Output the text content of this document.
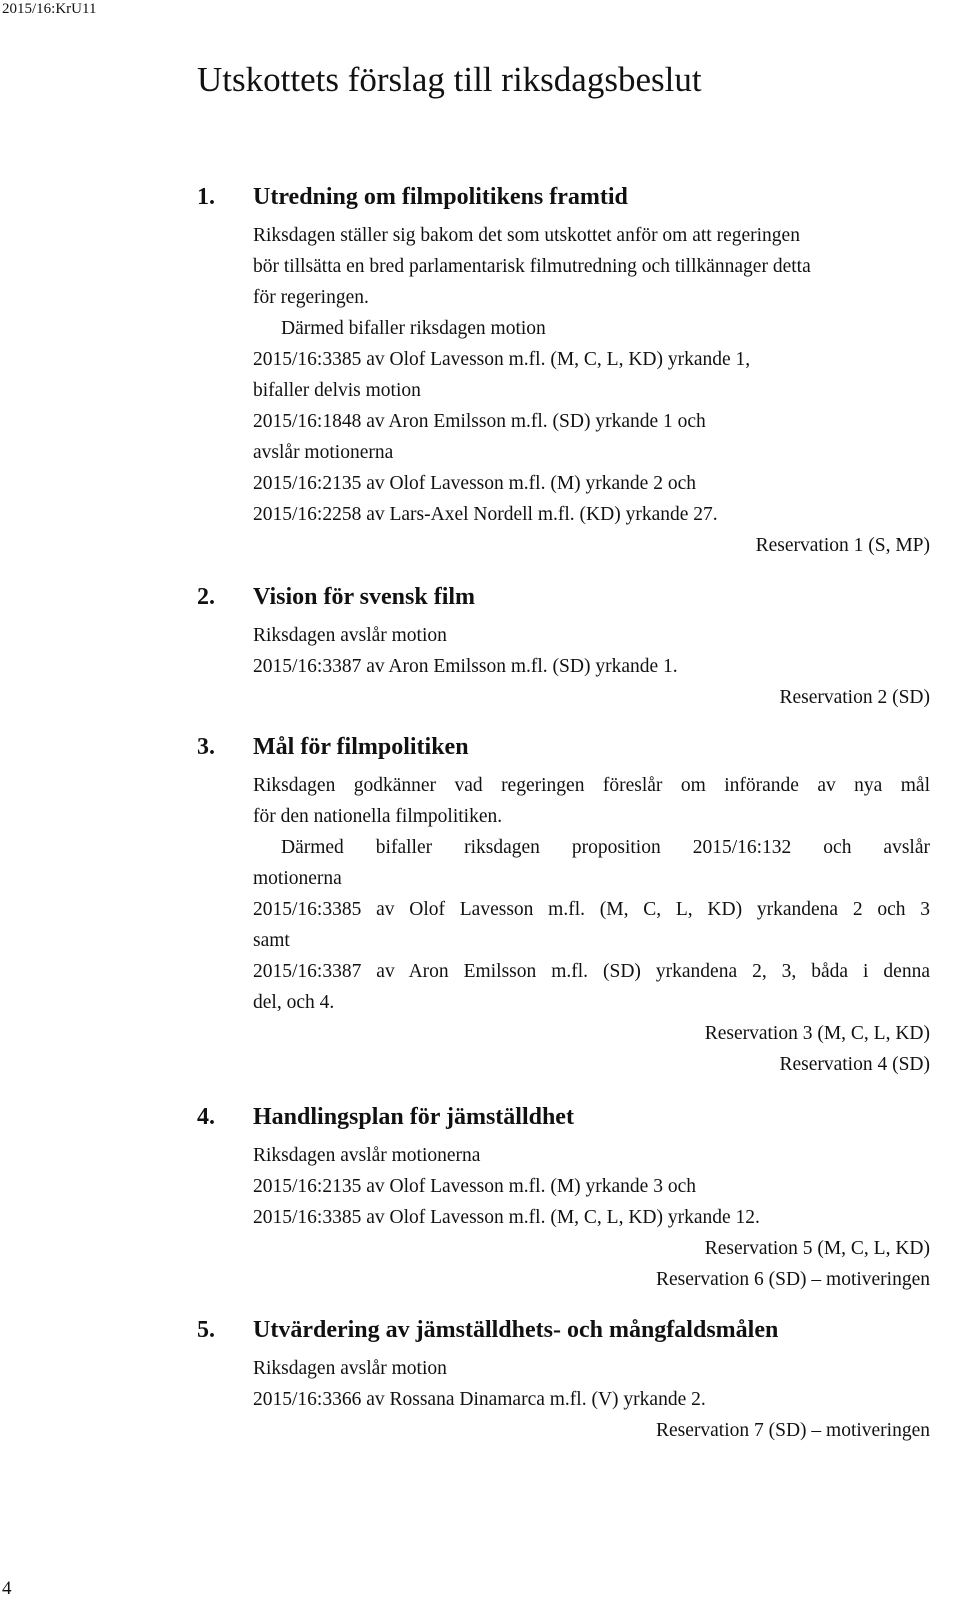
2015/16:KrU11
Utskottets förslag till riksdagsbeslut
1.	Utredning om filmpolitikens framtid
Riksdagen ställer sig bakom det som utskottet anför om att regeringen
bör tillsätta en bred parlamentarisk filmutredning och tillkännager detta
för regeringen.
Därmed bifaller riksdagen motion
2015/16:3385 av Olof Lavesson m.fl. (M, C, L, KD) yrkande 1,
bifaller delvis motion
2015/16:1848 av Aron Emilsson m.fl. (SD) yrkande 1 och
avslår motionerna
2015/16:2135 av Olof Lavesson m.fl. (M) yrkande 2 och
2015/16:2258 av Lars-Axel Nordell m.fl. (KD) yrkande 27.
Reservation 1 (S, MP)
2.	Vision för svensk film
Riksdagen avslår motion
2015/16:3387 av Aron Emilsson m.fl. (SD) yrkande 1.
Reservation 2 (SD)
3.	Mål för filmpolitiken
Riksdagen godkänner vad regeringen föreslår om införande av nya mål
för den nationella filmpolitiken.
Därmed bifaller riksdagen proposition 2015/16:132 och avslår
motionerna
2015/16:3385 av Olof Lavesson m.fl. (M, C, L, KD) yrkandena 2 och 3
samt
2015/16:3387 av Aron Emilsson m.fl. (SD) yrkandena 2, 3, båda i denna
del, och 4.
Reservation 3 (M, C, L, KD)
Reservation 4 (SD)
4.	Handlingsplan för jämställdhet
Riksdagen avslår motionerna
2015/16:2135 av Olof Lavesson m.fl. (M) yrkande 3 och
2015/16:3385 av Olof Lavesson m.fl. (M, C, L, KD) yrkande 12.
Reservation 5 (M, C, L, KD)
Reservation 6 (SD) – motiveringen
5.	Utvärdering av jämställdhets- och mångfaldsmålen
Riksdagen avslår motion
2015/16:3366 av Rossana Dinamarca m.fl. (V) yrkande 2.
Reservation 7 (SD) – motiveringen
4
